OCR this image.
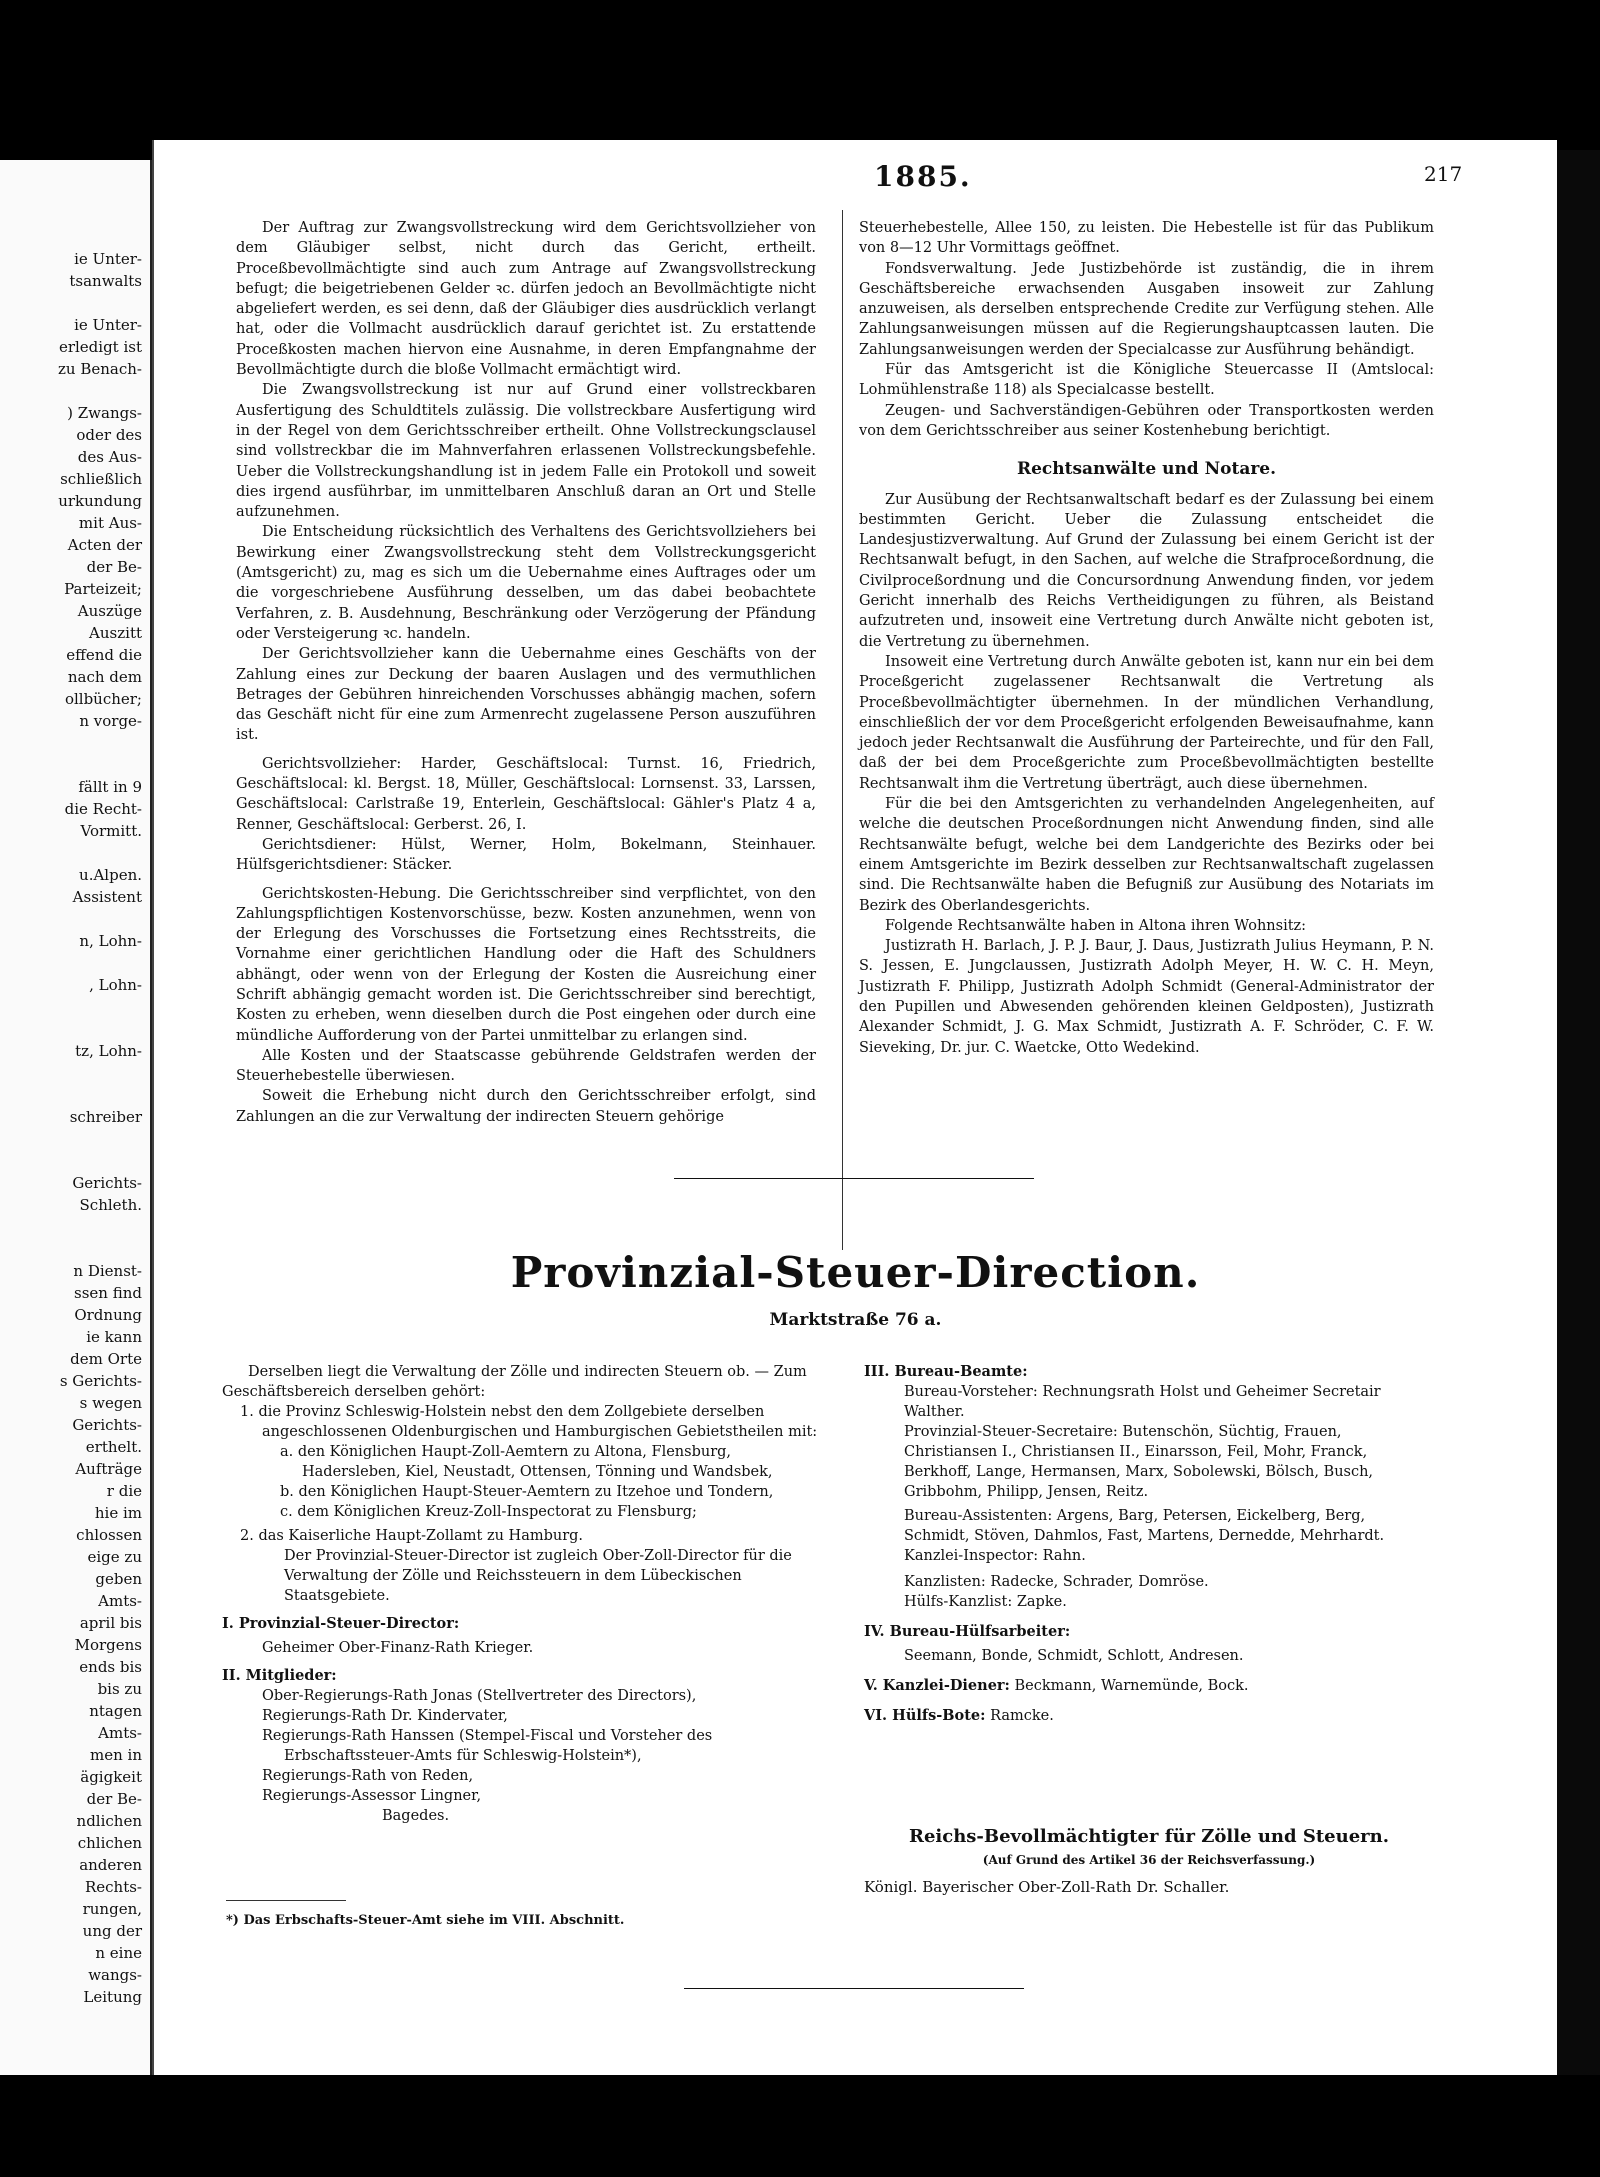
ie Unter-
tsanwalts
ie Unter-
erledigt ist
zu Benach-
) Zwangs-
oder des
des Aus-
schließlich
urkundung
mit Aus-
Acten der
der Be-
Parteizeit;
Auszüge
Auszitt
effend die
nach dem
ollbücher;
n vorge-
fällt in 9
die Recht-
Vormitt.
u.Alpen.
Assistent
n, Lohn-
, Lohn-
tz, Lohn-
schreiber
Gerichts-
Schleth.
n Dienst-
ssen find
Ordnung
ie kann
dem Orte
s Gerichts-
s wegen
Gerichts-
erthelt.
Aufträge
r die
hie im
chlossen
eige zu
geben
Amts-
april bis
Morgens
ends bis
bis zu
ntagen
Amts-
men in
ägigkeit
der Be-
ndlichen
chlichen
anderen
Rechts-
rungen,
ung der
n eine
wangs-
Leitung
1885.	217

Der Auftrag zur Zwangsvollstreckung wird dem Gerichtsvollzieher von dem Gläubiger selbst, nicht durch das Gericht, ertheilt. Proceßbevollmächtigte sind auch zum Antrage auf Zwangsvollstreckung befugt; die beigetriebenen Gelder ꝛc. dürfen jedoch an Bevollmächtigte nicht abgeliefert werden, es sei denn, daß der Gläubiger dies ausdrücklich verlangt hat, oder die Vollmacht ausdrücklich darauf gerichtet ist. Zu erstattende Proceßkosten machen hiervon eine Ausnahme, in deren Empfangnahme der Bevollmächtigte durch die bloße Vollmacht ermächtigt wird.

Die Zwangsvollstreckung ist nur auf Grund einer vollstreckbaren Ausfertigung des Schuldtitels zulässig. Die vollstreckbare Ausfertigung wird in der Regel von dem Gerichtsschreiber ertheilt. Ohne Vollstreckungsclausel sind vollstreckbar die im Mahnverfahren erlassenen Vollstreckungsbefehle. Ueber die Vollstreckungshandlung ist in jedem Falle ein Protokoll und soweit dies irgend ausführbar, im unmittelbaren Anschluß daran an Ort und Stelle aufzunehmen.

Die Entscheidung rücksichtlich des Verhaltens des Gerichtsvollziehers bei Bewirkung einer Zwangsvollstreckung steht dem Vollstreckungsgericht (Amtsgericht) zu, mag es sich um die Uebernahme eines Auftrages oder um die vorgeschriebene Ausführung desselben, um das dabei beobachtete Verfahren, z. B. Ausdehnung, Beschränkung oder Verzögerung der Pfändung oder Versteigerung ꝛc. handeln.

Der Gerichtsvollzieher kann die Uebernahme eines Geschäfts von der Zahlung eines zur Deckung der baaren Auslagen und des vermuthlichen Betrages der Gebühren hinreichenden Vorschusses abhängig machen, sofern das Geschäft nicht für eine zum Armenrecht zugelassene Person auszuführen ist.

Gerichtsvollzieher: Harder, Geschäftslocal: Turnst. 16, Friedrich, Geschäftslocal: kl. Bergst. 18, Müller, Geschäftslocal: Lornsenst. 33, Larssen, Geschäftslocal: Carlstraße 19, Enterlein, Geschäftslocal: Gähler's Platz 4 a, Renner, Geschäftslocal: Gerberst. 26, I.

Gerichtsdiener: Hülst, Werner, Holm, Bokelmann, Steinhauer. Hülfsgerichtsdiener: Stäcker.

Gerichtskosten-Hebung. Die Gerichtsschreiber sind verpflichtet, von den Zahlungspflichtigen Kostenvorschüsse, bezw. Kosten anzunehmen, wenn von der Erlegung des Vorschusses die Fortsetzung eines Rechtsstreits, die Vornahme einer gerichtlichen Handlung oder die Haft des Schuldners abhängt, oder wenn von der Erlegung der Kosten die Ausreichung einer Schrift abhängig gemacht worden ist. Die Gerichtsschreiber sind berechtigt, Kosten zu erheben, wenn dieselben durch die Post eingehen oder durch eine mündliche Aufforderung von der Partei unmittelbar zu erlangen sind.

Alle Kosten und der Staatscasse gebührende Geldstrafen werden der Steuerhebestelle überwiesen.

Soweit die Erhebung nicht durch den Gerichtsschreiber erfolgt, sind Zahlungen an die zur Verwaltung der indirecten Steuern gehörige

Steuerhebestelle, Allee 150, zu leisten. Die Hebestelle ist für das Publikum von 8—12 Uhr Vormittags geöffnet.

Fondsverwaltung. Jede Justizbehörde ist zuständig, die in ihrem Geschäftsbereiche erwachsenden Ausgaben insoweit zur Zahlung anzuweisen, als derselben entsprechende Credite zur Verfügung stehen. Alle Zahlungsanweisungen müssen auf die Regierungshauptcassen lauten. Die Zahlungsanweisungen werden der Specialcasse zur Ausführung behändigt.

Für das Amtsgericht ist die Königliche Steuercasse II (Amtslocal: Lohmühlenstraße 118) als Specialcasse bestellt.

Zeugen- und Sachverständigen-Gebühren oder Transportkosten werden von dem Gerichtsschreiber aus seiner Kostenhebung berichtigt.

Rechtsanwälte und Notare.

Zur Ausübung der Rechtsanwaltschaft bedarf es der Zulassung bei einem bestimmten Gericht. Ueber die Zulassung entscheidet die Landesjustizverwaltung. Auf Grund der Zulassung bei einem Gericht ist der Rechtsanwalt befugt, in den Sachen, auf welche die Strafproceßordnung, die Civilproceßordnung und die Concursordnung Anwendung finden, vor jedem Gericht innerhalb des Reichs Vertheidigungen zu führen, als Beistand aufzutreten und, insoweit eine Vertretung durch Anwälte nicht geboten ist, die Vertretung zu übernehmen.

Insoweit eine Vertretung durch Anwälte geboten ist, kann nur ein bei dem Proceßgericht zugelassener Rechtsanwalt die Vertretung als Proceßbevollmächtigter übernehmen. In der mündlichen Verhandlung, einschließlich der vor dem Proceßgericht erfolgenden Beweisaufnahme, kann jedoch jeder Rechtsanwalt die Ausführung der Parteirechte, und für den Fall, daß der bei dem Proceßgerichte zum Proceßbevollmächtigten bestellte Rechtsanwalt ihm die Vertretung überträgt, auch diese übernehmen.

Für die bei den Amtsgerichten zu verhandelnden Angelegenheiten, auf welche die deutschen Proceßordnungen nicht Anwendung finden, sind alle Rechtsanwälte befugt, welche bei dem Landgerichte des Bezirks oder bei einem Amtsgerichte im Bezirk desselben zur Rechtsanwaltschaft zugelassen sind. Die Rechtsanwälte haben die Befugniß zur Ausübung des Notariats im Bezirk des Oberlandesgerichts.

Folgende Rechtsanwälte haben in Altona ihren Wohnsitz:

Justizrath H. Barlach, J. P. J. Baur, J. Daus, Justizrath Julius Heymann, P. N. S. Jessen, E. Jungclaussen, Justizrath Adolph Meyer, H. W. C. H. Meyn, Justizrath F. Philipp, Justizrath Adolph Schmidt (General-Administrator der den Pupillen und Abwesenden gehörenden kleinen Geldposten), Justizrath Alexander Schmidt, J. G. Max Schmidt, Justizrath A. F. Schröder, C. F. W. Sieveking, Dr. jur. C. Waetcke, Otto Wedekind.

Provinzial-Steuer-Direction.
Marktstraße 76 a.

Derselben liegt die Verwaltung der Zölle und indirecten Steuern ob. — Zum Geschäftsbereich derselben gehört:

1. die Provinz Schleswig-Holstein nebst den dem Zollgebiete derselben angeschlossenen Oldenburgischen und Hamburgischen Gebietstheilen mit:

a. den Königlichen Haupt-Zoll-Aemtern zu Altona, Flensburg, Hadersleben, Kiel, Neustadt, Ottensen, Tönning und Wandsbek,

b. den Königlichen Haupt-Steuer-Aemtern zu Itzehoe und Tondern,

c. dem Königlichen Kreuz-Zoll-Inspectorat zu Flensburg;

2. das Kaiserliche Haupt-Zollamt zu Hamburg.

Der Provinzial-Steuer-Director ist zugleich Ober-Zoll-Director für die Verwaltung der Zölle und Reichssteuern in dem Lübeckischen Staatsgebiete.

I. Provinzial-Steuer-Director:

Geheimer Ober-Finanz-Rath Krieger.

II. Mitglieder:

Ober-Regierungs-Rath Jonas (Stellvertreter des Directors),

Regierungs-Rath Dr. Kindervater,

Regierungs-Rath Hanssen (Stempel-Fiscal und Vorsteher des

Erbschaftssteuer-Amts für Schleswig-Holstein*),

Regierungs-Rath von Reden,

Regierungs-Assessor Lingner,

Bagedes.

*) Das Erbschafts-Steuer-Amt siehe im VIII. Abschnitt.

III. Bureau-Beamte:

Bureau-Vorsteher: Rechnungsrath Holst und Geheimer Secretair Walther.

Provinzial-Steuer-Secretaire: Butenschön, Süchtig, Frauen, Christiansen I., Christiansen II., Einarsson, Feil, Mohr, Franck, Berkhoff, Lange, Hermansen, Marx, Sobolewski, Bölsch, Busch, Gribbohm, Philipp, Jensen, Reitz.

Bureau-Assistenten: Argens, Barg, Petersen, Eickelberg, Berg, Schmidt, Stöven, Dahmlos, Fast, Martens, Dernedde, Mehrhardt.

Kanzlei-Inspector: Rahn.

Kanzlisten: Radecke, Schrader, Domröse.

Hülfs-Kanzlist: Zapke.

IV. Bureau-Hülfsarbeiter:

Seemann, Bonde, Schmidt, Schlott, Andresen.

V. Kanzlei-Diener: Beckmann, Warnemünde, Bock.

VI. Hülfs-Bote: Ramcke.

Reichs-Bevollmächtigter für Zölle und Steuern.
(Auf Grund des Artikel 36 der Reichsverfassung.)
Königl. Bayerischer Ober-Zoll-Rath Dr. Schaller.
